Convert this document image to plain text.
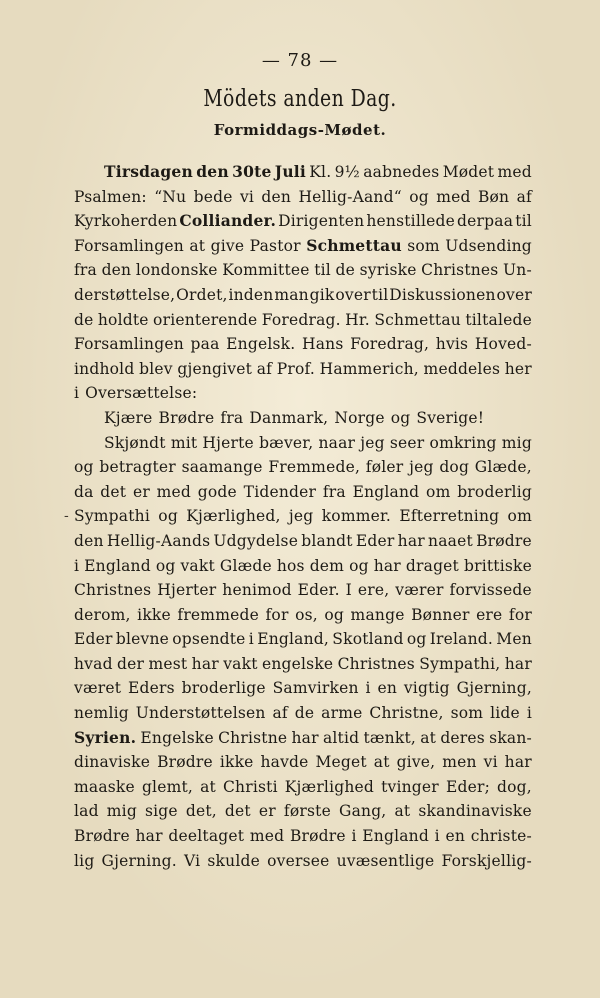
— 78 —
Mödets anden Dag.
Formiddags-Mødet.
Tirsdagen den 30te Juli Kl. 9½ aabnedes Mødet med
Psalmen: “Nu bede vi den Hellig-Aand“ og med Bøn af
Kyrkoherden Colliander. Dirigenten henstillede derpaa til
Forsamlingen at give Pastor Schmettau som Udsending
fra den londonske Kommittee til de syriske Christnes Un-
derstøttelse, Ordet, inden man gik over til Diskussionen over
de holdte orienterende Foredrag. Hr. Schmettau tiltalede
Forsamlingen paa Engelsk. Hans Foredrag, hvis Hoved-
indhold blev gjengivet af Prof. Hammerich, meddeles her
i Oversættelse:
Kjære Brødre fra Danmark, Norge og Sverige!
Skjøndt mit Hjerte bæver, naar jeg seer omkring mig
og betragter saamange Fremmede, føler jeg dog Glæde,
da det er med gode Tidender fra England om broderlig
Sympathi og Kjærlighed, jeg kommer. Efterretning om
-
den Hellig-Aands Udgydelse blandt Eder har naaet Brødre
i England og vakt Glæde hos dem og har draget brittiske
Christnes Hjerter henimod Eder. I ere, værer forvissede
derom, ikke fremmede for os, og mange Bønner ere for
Eder blevne opsendte i England, Skotland og Ireland. Men
hvad der mest har vakt engelske Christnes Sympathi, har
været Eders broderlige Samvirken i en vigtig Gjerning,
nemlig Understøttelsen af de arme Christne, som lide i
Syrien. Engelske Christne har altid tænkt, at deres skan-
dinaviske Brødre ikke havde Meget at give, men vi har
maaske glemt, at Christi Kjærlighed tvinger Eder; dog,
lad mig sige det, det er første Gang, at skandinaviske
Brødre har deeltaget med Brødre i England i en christe-
lig Gjerning. Vi skulde oversee uvæsentlige Forskjellig-
